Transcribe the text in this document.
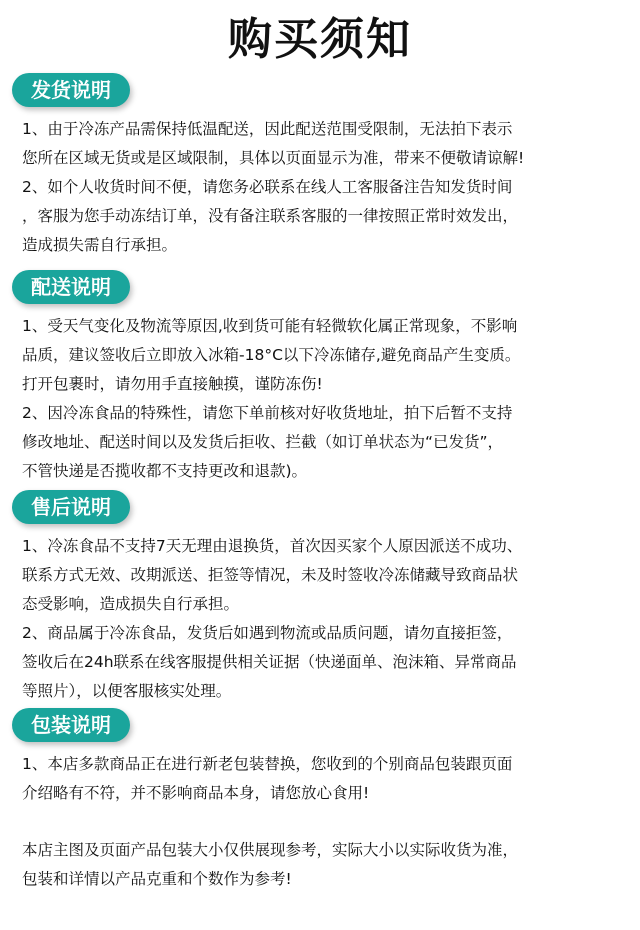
购买须知
发货说明

1、由于冷冻产品需保持低温配送，因此配送范围受限制，无法拍下表示
您所在区域无货或是区域限制，具体以页面显示为准，带来不便敬请谅解!

2、如个人收货时间不便，请您务必联系在线人工客服备注告知发货时间
，客服为您手动冻结订单，没有备注联系客服的一律按照正常时效发出，
造成损失需自行承担。

配送说明

1、受天气变化及物流等原因,收到货可能有轻微软化属正常现象，不影响
品质，建议签收后立即放入冰箱-18°C以下冷冻储存,避免商品产生变质。
打开包裹时，请勿用手直接触摸，谨防冻伤!

2、因冷冻食品的特殊性，请您下单前核对好收货地址，拍下后暂不支持
修改地址、配送时间以及发货后拒收、拦截（如订单状态为“已发货”，
不管快递是否揽收都不支持更改和退款)。

售后说明

1、冷冻食品不支持7天无理由退换货，首次因买家个人原因派送不成功、
联系方式无效、改期派送、拒签等情况，未及时签收冷冻储藏导致商品状
态受影响，造成损失自行承担。

2、商品属于冷冻食品，发货后如遇到物流或品质问题，请勿直接拒签，
签收后在24h联系在线客服提供相关证据（快递面单、泡沫箱、异常商品
等照片），以便客服核实处理。

包装说明

1、本店多款商品正在进行新老包装替换，您收到的个别商品包装跟页面
介绍略有不符，并不影响商品本身，请您放心食用!

本店主图及页面产品包装大小仅供展现参考，实际大小以实际收货为准，
包装和详情以产品克重和个数作为参考!
